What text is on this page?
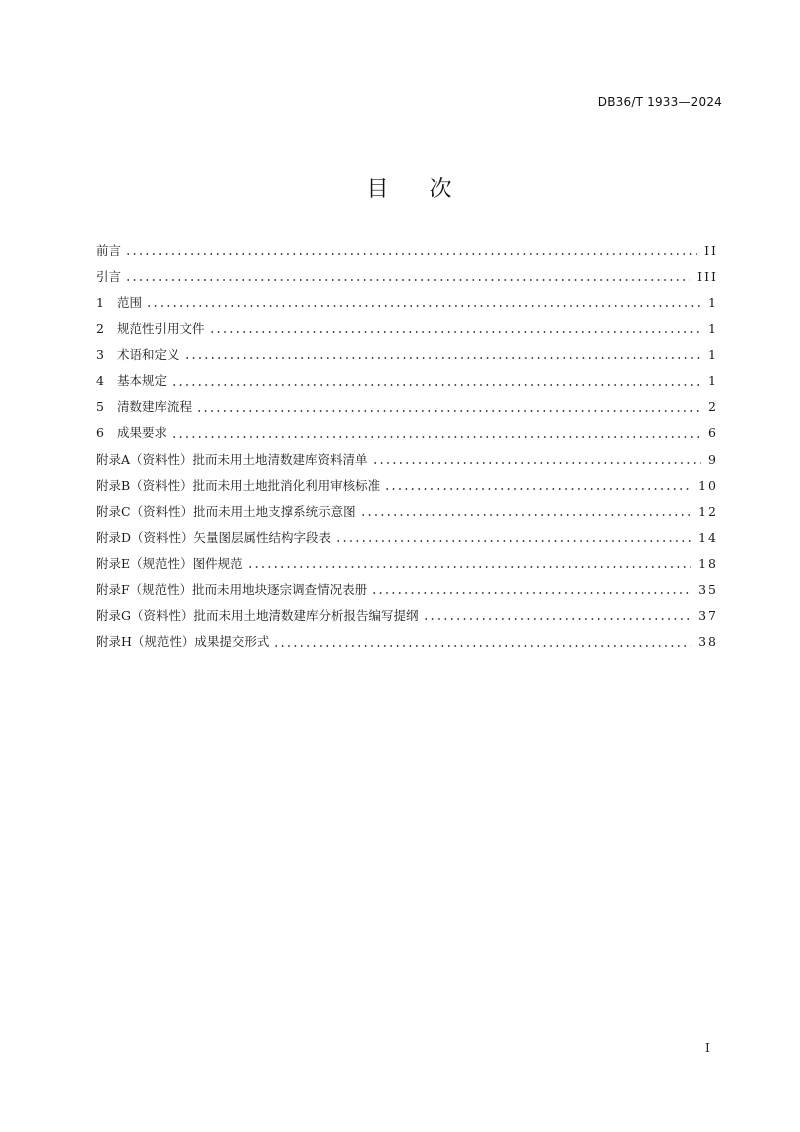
DB36/T 1933—2024
目 次
前言	II
引言	III
1	范围	1
2	规范性引用文件	1
3	术语和定义	1
4	基本规定	1
5	清数建库流程	2
6	成果要求	6
附录A（资料性）批而未用土地清数建库资料清单	9
附录B（资料性）批而未用土地批消化利用审核标准	10
附录C（资料性）批而未用土地支撑系统示意图	12
附录D（资料性）矢量图层属性结构字段表	14
附录E（规范性）图件规范	18
附录F（规范性）批而未用地块逐宗调查情况表册	35
附录G（资料性）批而未用土地清数建库分析报告编写提纲	37
附录H（规范性）成果提交形式	38
I
